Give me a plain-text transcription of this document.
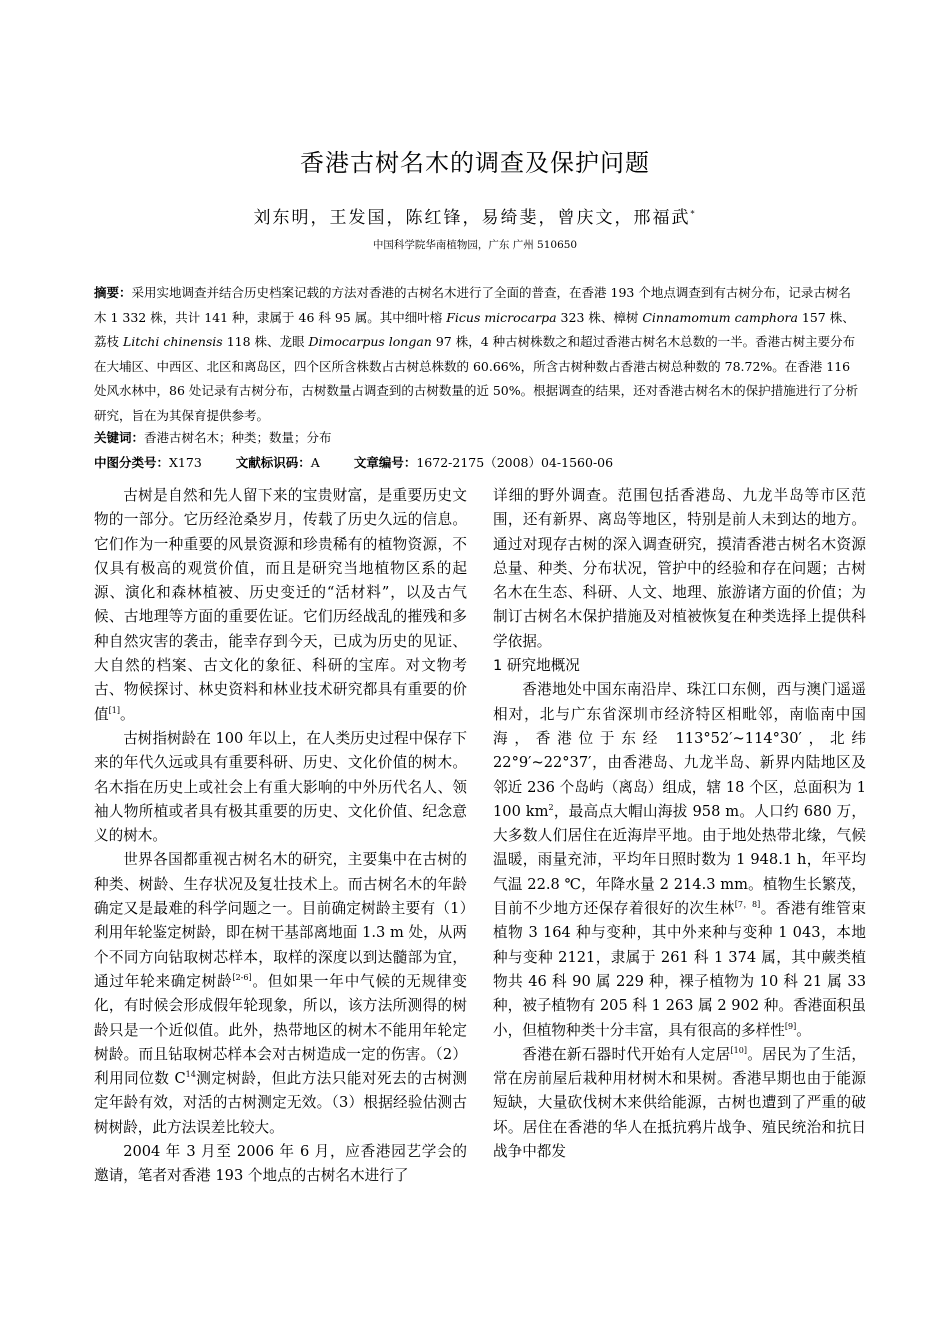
香港古树名木的调查及保护问题
刘东明，王发国，陈红锋，易绮斐，曾庆文，邢福武*
中国科学院华南植物园，广东 广州 510650
摘要：采用实地调查并结合历史档案记载的方法对香港的古树名木进行了全面的普查，在香港 193 个地点调查到有古树分布，记录古树名木 1 332 株，共计 141 种，隶属于 46 科 95 属。其中细叶榕 Ficus microcarpa 323 株、樟树 Cinnamomum camphora 157 株、荔枝 Litchi chinensis 118 株、龙眼 Dimocarpus longan 97 株，4 种古树株数之和超过香港古树名木总数的一半。香港古树主要分布在大埔区、中西区、北区和离岛区，四个区所含株数占古树总株数的 60.66%，所含古树种数占香港古树总种数的 78.72%。在香港 116 处风水林中，86 处记录有古树分布，古树数量占调查到的古树数量的近 50%。根据调查的结果，还对香港古树名木的保护措施进行了分析研究，旨在为其保育提供参考。
关键词：香港古树名木；种类；数量；分布
中图分类号：X173	文献标识码：A	文章编号：1672-2175（2008）04-1560-06

古树是自然和先人留下来的宝贵财富，是重要历史文物的一部分。它历经沧桑岁月，传载了历史久远的信息。它们作为一种重要的风景资源和珍贵稀有的植物资源，不仅具有极高的观赏价值，而且是研究当地植物区系的起源、演化和森林植被、历史变迁的“活材料”，以及古气候、古地理等方面的重要佐证。它们历经战乱的摧残和多种自然灾害的袭击，能幸存到今天，已成为历史的见证、大自然的档案、古文化的象征、科研的宝库。对文物考古、物候探讨、林史资料和林业技术研究都具有重要的价值[1]。

古树指树龄在 100 年以上，在人类历史过程中保存下来的年代久远或具有重要科研、历史、文化价值的树木。名木指在历史上或社会上有重大影响的中外历代名人、领袖人物所植或者具有极其重要的历史、文化价值、纪念意义的树木。

世界各国都重视古树名木的研究，主要集中在古树的种类、树龄、生存状况及复壮技术上。而古树名木的年龄确定又是最难的科学问题之一。目前确定树龄主要有（1）利用年轮鉴定树龄，即在树干基部离地面 1.3 m 处，从两个不同方向钻取树芯样本，取样的深度以到达髓部为宜，通过年轮来确定树龄[2-6]。但如果一年中气候的无规律变化，有时候会形成假年轮现象，所以，该方法所测得的树龄只是一个近似值。此外，热带地区的树木不能用年轮定树龄。而且钻取树芯样本会对古树造成一定的伤害。（2）利用同位数 $C^{14}$测定树龄，但此方法只能对死去的古树测定年龄有效，对活的古树测定无效。（3）根据经验估测古树树龄，此方法误差比较大。

2004 年 3 月至 2006 年 6 月，应香港园艺学会的邀请，笔者对香港 193 个地点的古树名木进行了

详细的野外调查。范围包括香港岛、九龙半岛等市区范围，还有新界、离岛等地区，特别是前人未到达的地方。通过对现存古树的深入调查研究，摸清香港古树名木资源总量、种类、分布状况，管护中的经验和存在问题；古树名木在生态、科研、人文、地理、旅游诸方面的价值；为制订古树名木保护措施及对植被恢复在种类选择上提供科学依据。

1 研究地概况

香港地处中国东南沿岸、珠江口东侧，西与澳门遥遥相对，北与广东省深圳市经济特区相毗邻，南临南中国海，香港位于东经 113°52′~114°30′，北纬 22°9′~22°37′，由香港岛、九龙半岛、新界内陆地区及邻近 236 个岛屿（离岛）组成，辖 18 个区，总面积为 1 100 $km^2$，最高点大帽山海拔 958 m。人口约 680 万，大多数人们居住在近海岸平地。由于地处热带北缘，气候温暖，雨量充沛，平均年日照时数为 1 948.1 h，年平均气温 22.8 ℃，年降水量 2 214.3 mm。植物生长繁茂，目前不少地方还保存着很好的次生林[7，8]。香港有维管束植物 3 164 种与变种，其中外来种与变种 1 043，本地种与变种 2121，隶属于 261 科 1 374 属，其中蕨类植物共 46 科 90 属 229 种，裸子植物为 10 科 21 属 33 种，被子植物有 205 科 1 263 属 2 902 种。香港面积虽小，但植物种类十分丰富，具有很高的多样性[9]。

香港在新石器时代开始有人定居[10]。居民为了生活，常在房前屋后栽种用材树木和果树。香港早期也由于能源短缺，大量砍伐树木来供给能源，古树也遭到了严重的破坏。居住在香港的华人在抵抗鸦片战争、殖民统治和抗日战争中都发
